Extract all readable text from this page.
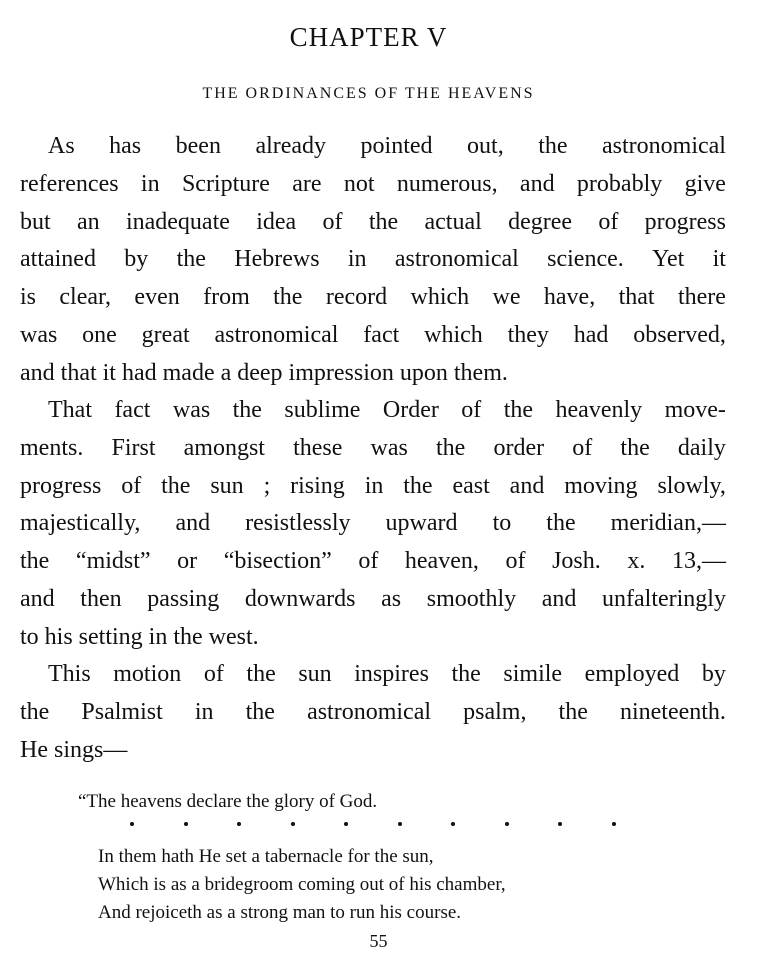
CHAPTER V
THE ORDINANCES OF THE HEAVENS
As has been already pointed out, the astronomical
references in Scripture are not numerous, and probably give
but an inadequate idea of the actual degree of progress
attained by the Hebrews in astronomical science. Yet it
is clear, even from the record which we have, that there
was one great astronomical fact which they had observed,
and that it had made a deep impression upon them.
That fact was the sublime Order of the heavenly move-
ments. First amongst these was the order of the daily
progress of the sun ; rising in the east and moving slowly,
majestically, and resistlessly upward to the meridian,—
the “midst” or “bisection” of heaven, of Josh. x. 13,—
and then passing downwards as smoothly and unfalteringly
to his setting in the west.
This motion of the sun inspires the simile employed by
the Psalmist in the astronomical psalm, the nineteenth.
He sings—
“The heavens declare the glory of God.
In them hath He set a tabernacle for the sun,
Which is as a bridegroom coming out of his chamber,
And rejoiceth as a strong man to run his course.
55
